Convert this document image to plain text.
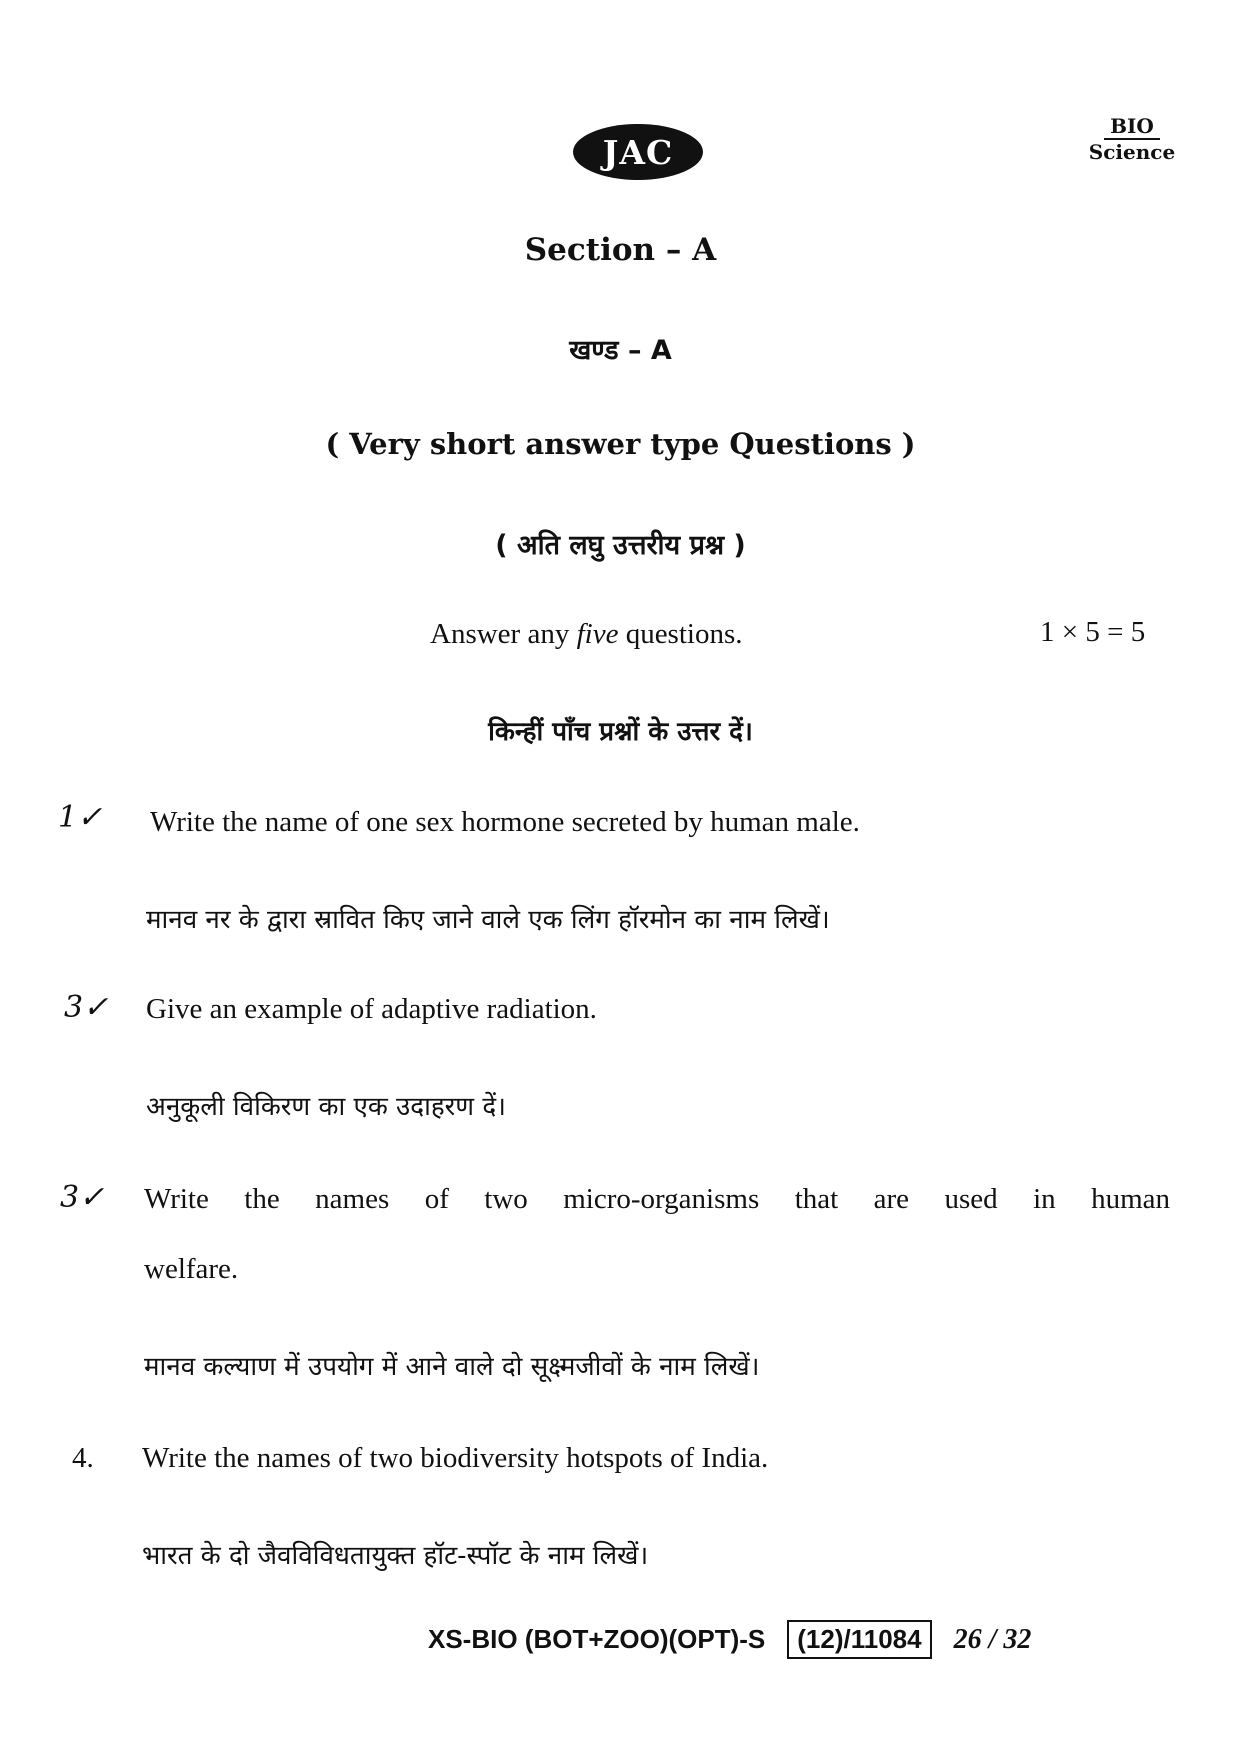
JAC
BIO
Science
Section – A
खण्ड – A
( Very short answer type Questions )
( अति लघु उत्तरीय प्रश्न )
Answer any five questions.	1 × 5 = 5
किन्हीं पाँच प्रश्नों के उत्तर दें।
1✓ Write the name of one sex hormone secreted by human male.
मानव नर के द्वारा स्रावित किए जाने वाले एक लिंग हॉरमोन का नाम लिखें।
3✓ Give an example of adaptive radiation.
अनुकूली विकिरण का एक उदाहरण दें।
3✓ Write the names of two micro-organisms that are used in human
welfare.
मानव कल्याण में उपयोग में आने वाले दो सूक्ष्मजीवों के नाम लिखें।
4. Write the names of two biodiversity hotspots of India.
भारत के दो जैवविविधतायुक्त हॉट-स्पॉट के नाम लिखें।
XS-BIO (BOT+ZOO)(OPT)-S	(12)/11084	26 / 32
